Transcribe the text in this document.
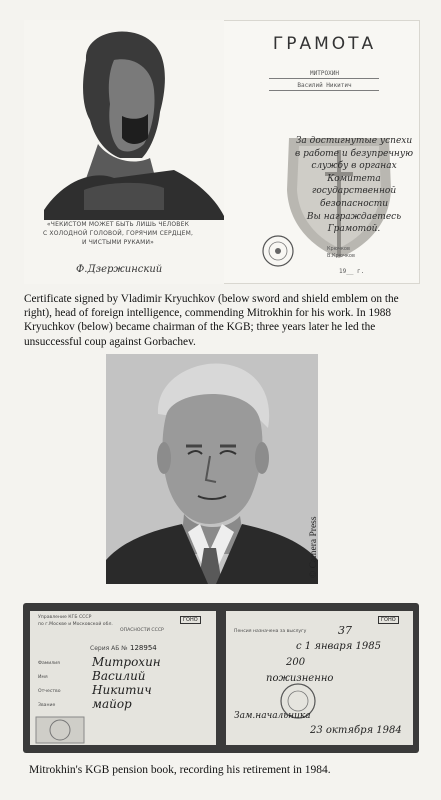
«ЧЕКИСТОМ МОЖЕТ БЫТЬ ЛИШЬ ЧЕЛОВЕК
С ХОЛОДНОЙ ГОЛОВОЙ, ГОРЯЧИМ СЕРДЦЕМ,
И ЧИСТЫМИ РУКАМИ»
Ф.Дзержинский
ГРАМОТА
МИТРОХИН
Василий Никитич
За достигнутые успехи
в работе и безупречную
службу в органах Комитета
государственной безопасности
Вы награждаетесь Грамотой.
Крючков
В.Крючков
19__ г.
Certificate signed by Vladimir Kryuchkov (below sword and shield emblem on the right), head of foreign intelligence, commending Mitrokhin for his work. In 1988 Kryuchkov (below) became chairman of the KGB; three years later he led the unsuccessful coup against Gorbachev.
© Camera Press
Управление КГБ СССР
по г.Москве и Московской обл.
ОПАСНОСТИ СССР
ГОНО
Серия АБ № 128954
Фамилия	Митрохин
Имя	Василий
Отчество	Никитич
Звание	майор
ГОНО
Пенсия назначена за выслугу	37
с 1 января 1985
200
пожизненно
Зам.начальника
23 октября 1984
Mitrokhin's KGB pension book, recording his retirement in 1984.
